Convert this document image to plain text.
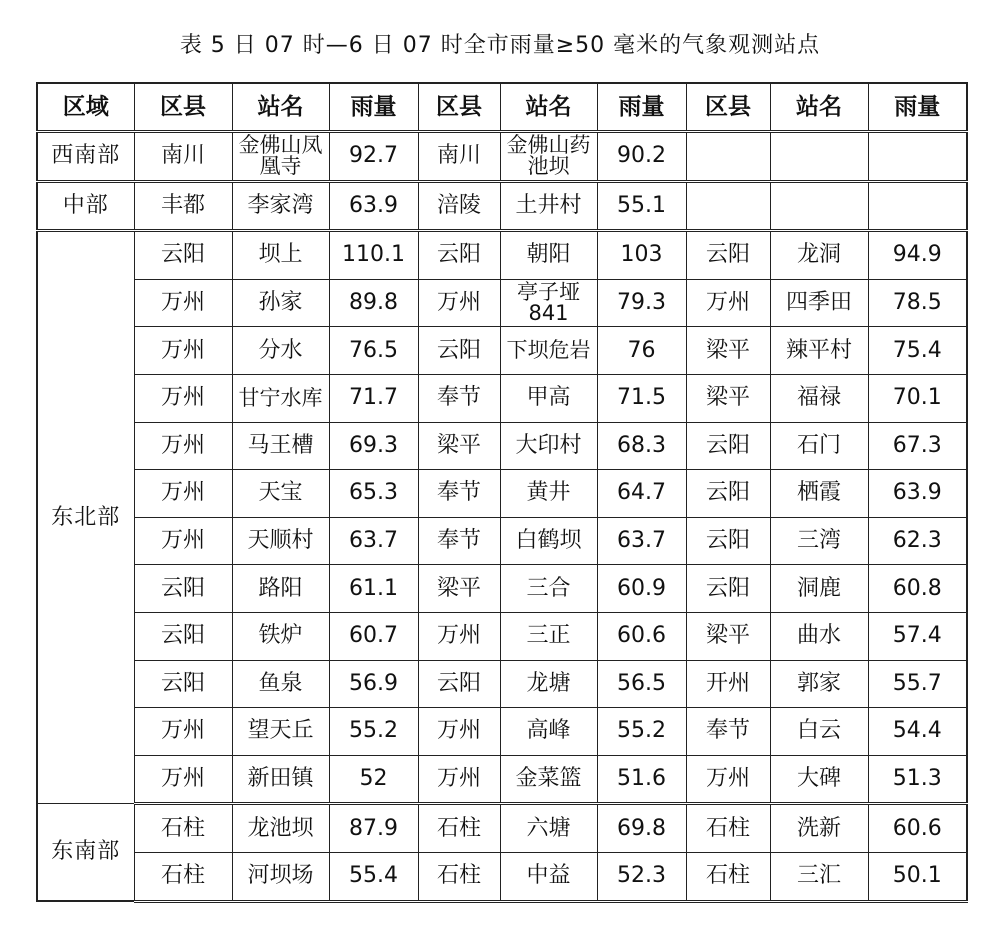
表 5 日 07 时—6 日 07 时全市雨量≥50 毫米的气象观测站点
区域	区县	站名	雨量	区县	站名	雨量	区县	站名	雨量
西南部	南川	金佛山凤凰寺	92.7	南川	金佛山药池坝	90.2			
中部	丰都	李家湾	63.9	涪陵	土井村	55.1			
东北部	云阳	坝上	110.1	云阳	朝阳	103	云阳	龙洞	94.9
	万州	孙家	89.8	万州	亭子垭841	79.3	万州	四季田	78.5
	万州	分水	76.5	云阳	下坝危岩	76	梁平	辣平村	75.4
	万州	甘宁水库	71.7	奉节	甲高	71.5	梁平	福禄	70.1
	万州	马王槽	69.3	梁平	大印村	68.3	云阳	石门	67.3
	万州	天宝	65.3	奉节	黄井	64.7	云阳	栖霞	63.9
	万州	天顺村	63.7	奉节	白鹤坝	63.7	云阳	三湾	62.3
	云阳	路阳	61.1	梁平	三合	60.9	云阳	洞鹿	60.8
	云阳	铁炉	60.7	万州	三正	60.6	梁平	曲水	57.4
	云阳	鱼泉	56.9	云阳	龙塘	56.5	开州	郭家	55.7
	万州	望天丘	55.2	万州	高峰	55.2	奉节	白云	54.4
	万州	新田镇	52	万州	金菜篮	51.6	万州	大碑	51.3
东南部	石柱	龙池坝	87.9	石柱	六塘	69.8	石柱	洗新	60.6
	石柱	河坝场	55.4	石柱	中益	52.3	石柱	三汇	50.1
